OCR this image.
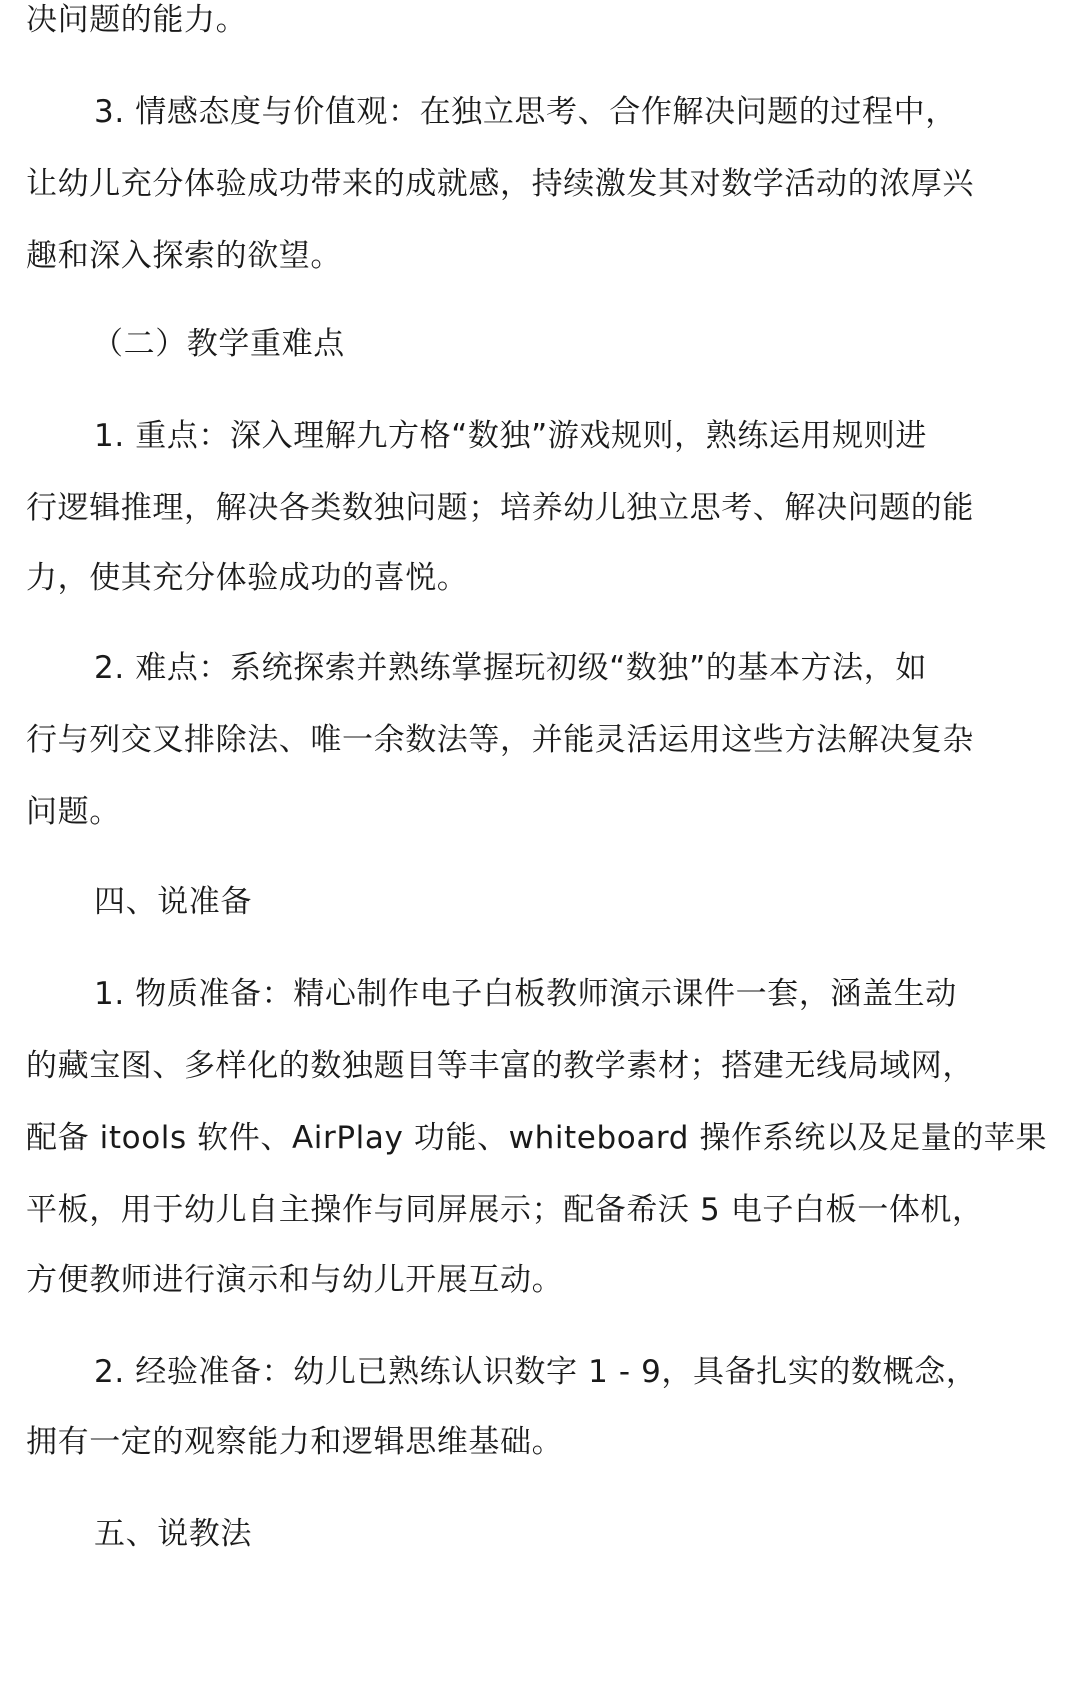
决问题的能力。
3. 情感态度与价值观：在独立思考、合作解决问题的过程中，
让幼儿充分体验成功带来的成就感，持续激发其对数学活动的浓厚兴
趣和深入探索的欲望。
（二）教学重难点
1. 重点：深入理解九方格“数独”游戏规则，熟练运用规则进
行逻辑推理，解决各类数独问题；培养幼儿独立思考、解决问题的能
力，使其充分体验成功的喜悦。
2. 难点：系统探索并熟练掌握玩初级“数独”的基本方法，如
行与列交叉排除法、唯一余数法等，并能灵活运用这些方法解决复杂
问题。
四、说准备
1. 物质准备：精心制作电子白板教师演示课件一套，涵盖生动
的藏宝图、多样化的数独题目等丰富的教学素材；搭建无线局域网，
配备 itools 软件、AirPlay 功能、whiteboard 操作系统以及足量的苹果
平板，用于幼儿自主操作与同屏展示；配备希沃 5 电子白板一体机，
方便教师进行演示和与幼儿开展互动。
2. 经验准备：幼儿已熟练认识数字 1 - 9，具备扎实的数概念，
拥有一定的观察能力和逻辑思维基础。
五、说教法
